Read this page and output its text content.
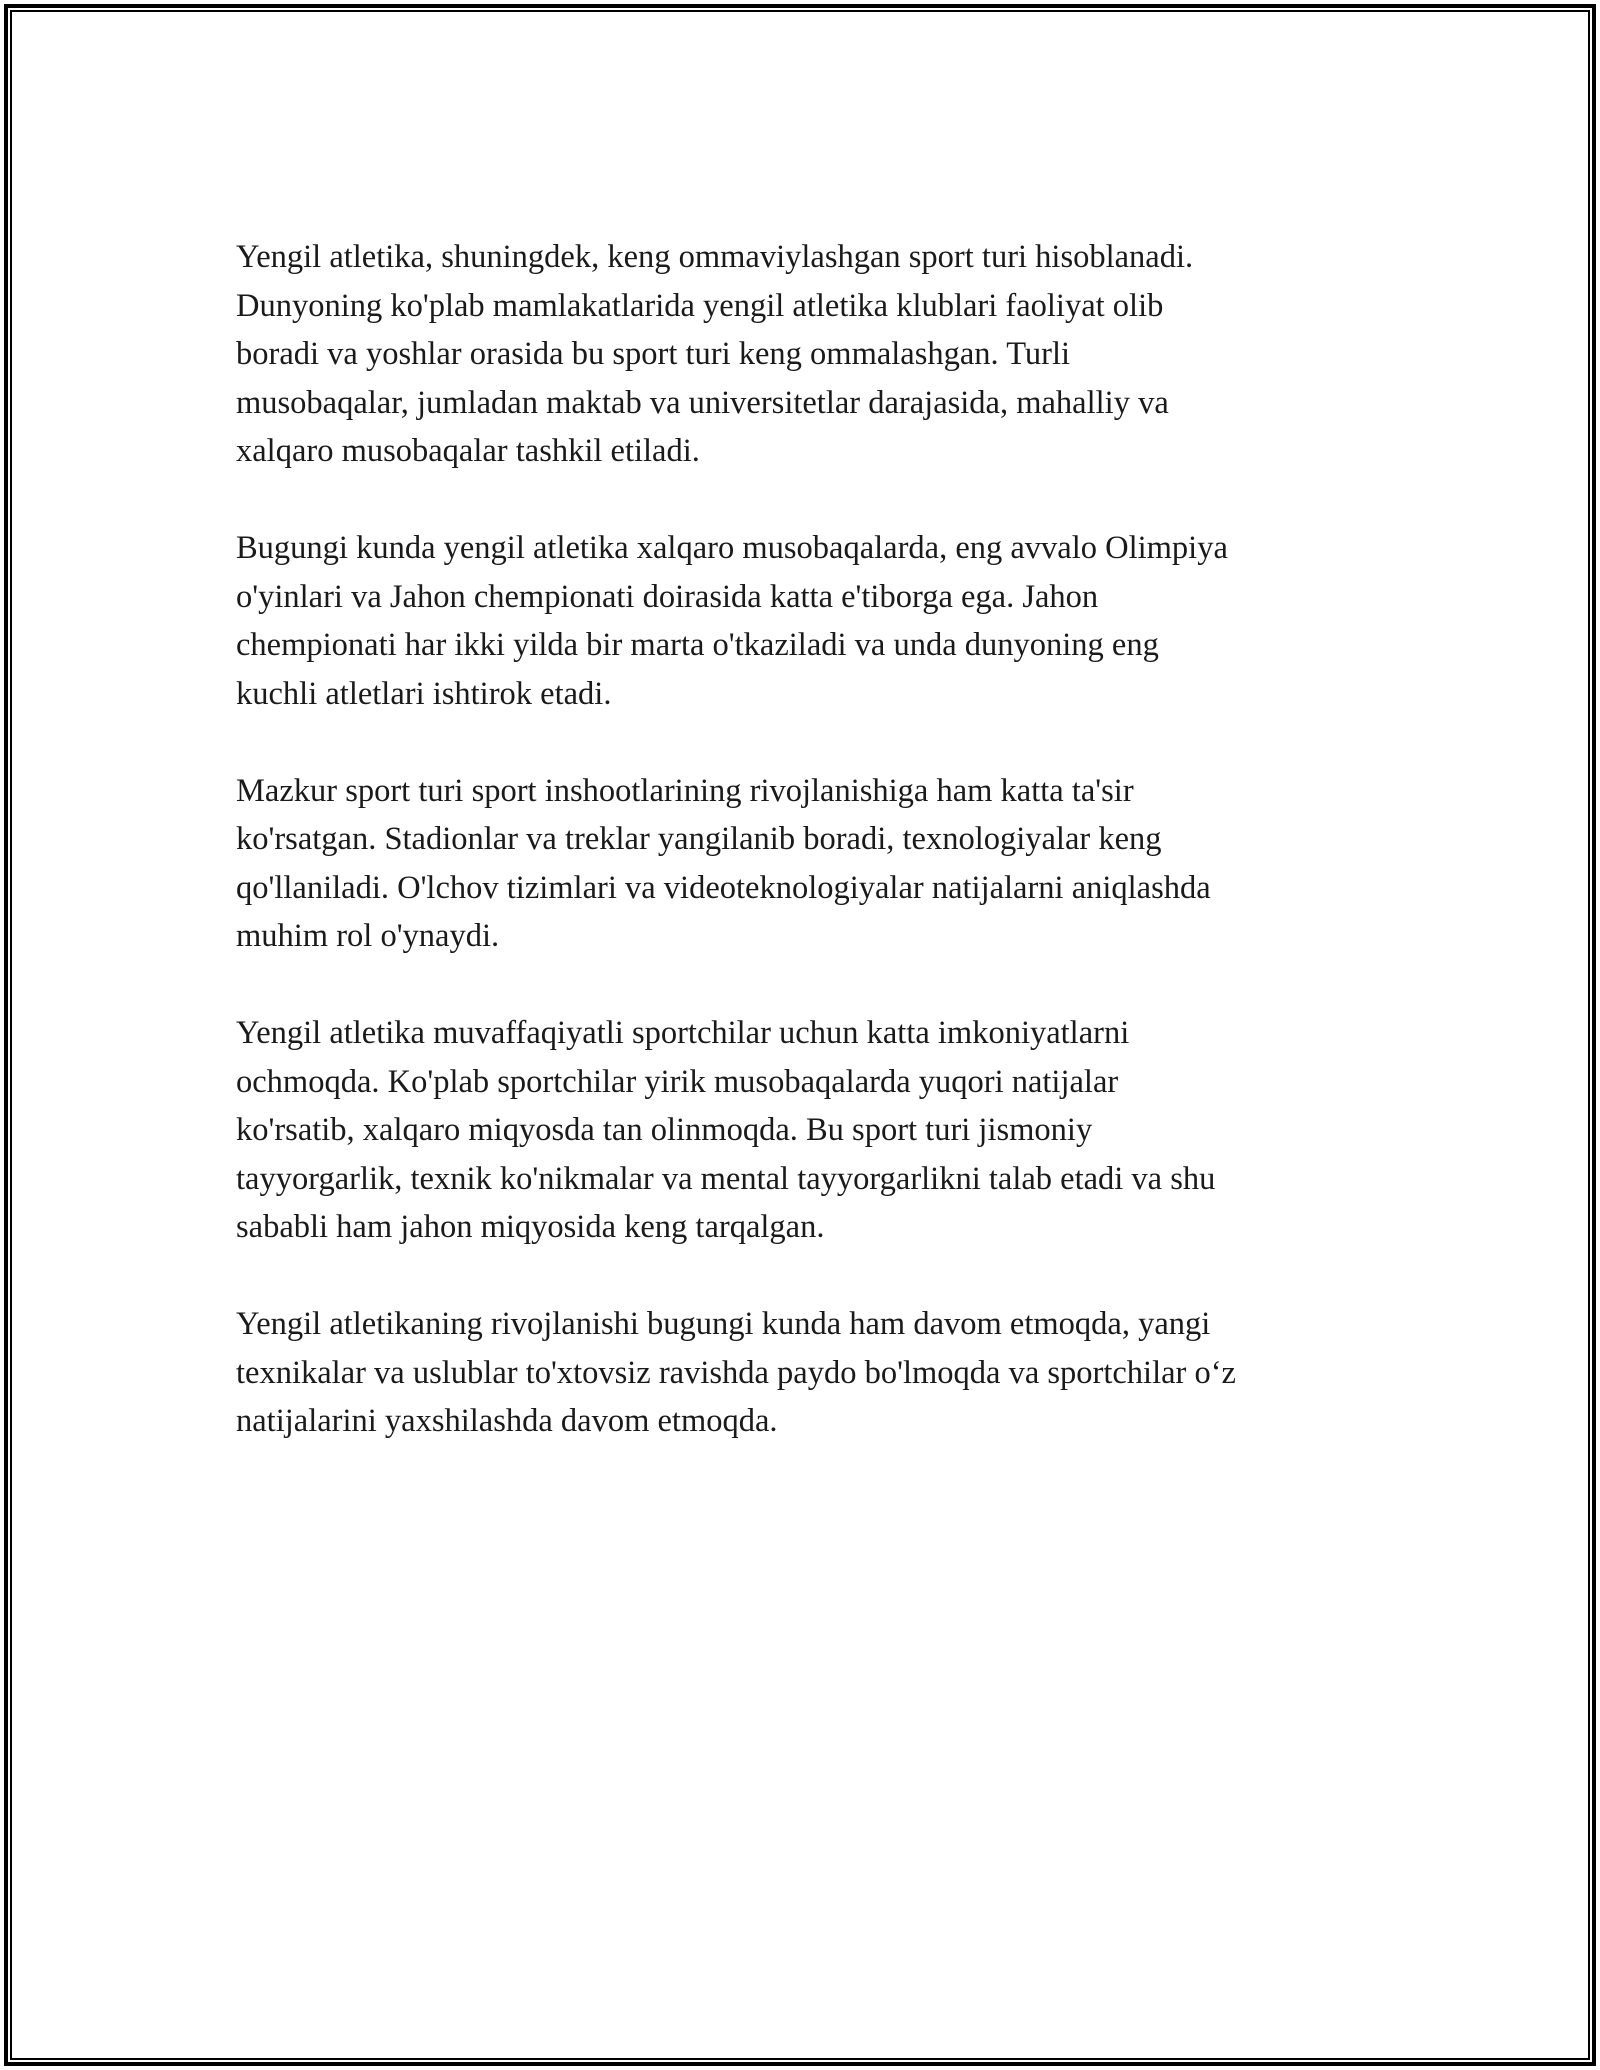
Yengil atletika, shuningdek, keng ommaviylashgan sport turi hisoblanadi.
Dunyoning ko'plab mamlakatlarida yengil atletika klublari faoliyat olib
boradi va yoshlar orasida bu sport turi keng ommalashgan. Turli
musobaqalar, jumladan maktab va universitetlar darajasida, mahalliy va
xalqaro musobaqalar tashkil etiladi.

Bugungi kunda yengil atletika xalqaro musobaqalarda, eng avvalo Olimpiya
o'yinlari va Jahon chempionati doirasida katta e'tiborga ega. Jahon
chempionati har ikki yilda bir marta o'tkaziladi va unda dunyoning eng
kuchli atletlari ishtirok etadi.

Mazkur sport turi sport inshootlarining rivojlanishiga ham katta ta'sir
ko'rsatgan. Stadionlar va treklar yangilanib boradi, texnologiyalar keng
qo'llaniladi. O'lchov tizimlari va videoteknologiyalar natijalarni aniqlashda
muhim rol o'ynaydi.

Yengil atletika muvaffaqiyatli sportchilar uchun katta imkoniyatlarni
ochmoqda. Ko'plab sportchilar yirik musobaqalarda yuqori natijalar
ko'rsatib, xalqaro miqyosda tan olinmoqda. Bu sport turi jismoniy
tayyorgarlik, texnik ko'nikmalar va mental tayyorgarlikni talab etadi va shu
sababli ham jahon miqyosida keng tarqalgan.

Yengil atletikaning rivojlanishi bugungi kunda ham davom etmoqda, yangi
texnikalar va uslublar to'xtovsiz ravishda paydo bo'lmoqda va sportchilar o‘z
natijalarini yaxshilashda davom etmoqda.
